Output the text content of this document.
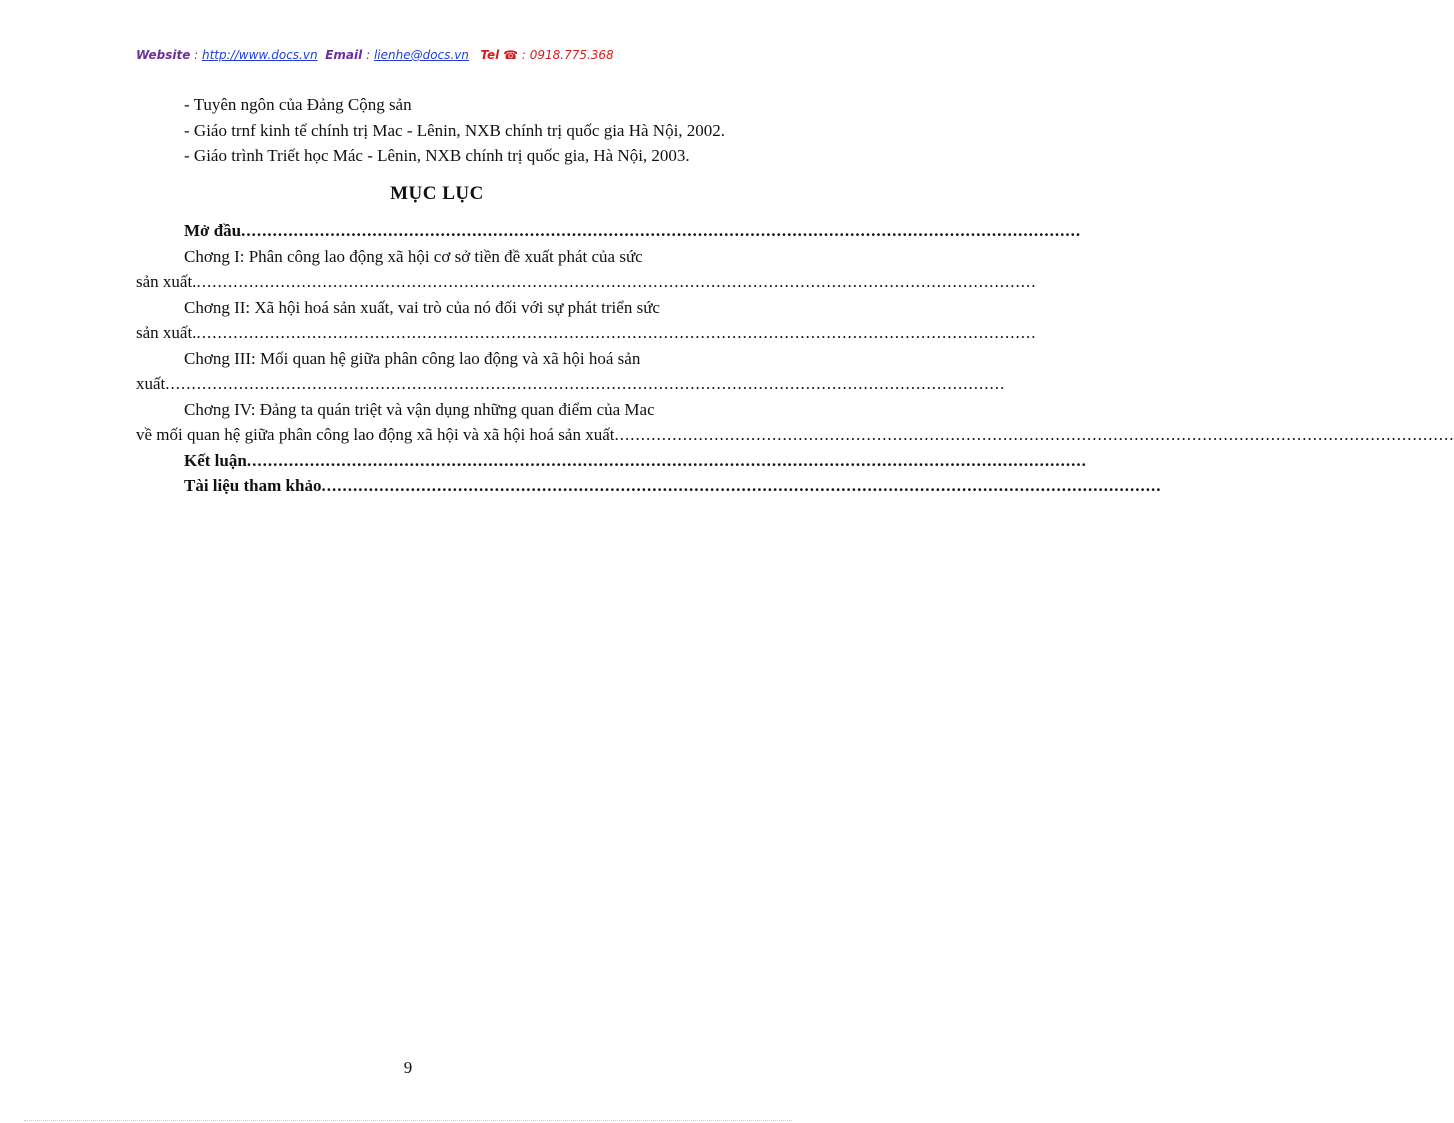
Website : http://www.docs.vn Email : lienhe@docs.vn Tel ☎ : 0918.775.368

- Tuyên ngôn của Đảng Cộng sản

- Giáo trnf kinh tế chính trị Mac - Lênin, NXB chính trị quốc gia Hà Nội, 2002.

- Giáo trình Triết học Mác - Lênin, NXB chính trị quốc gia, Hà Nội, 2003.

MỤC LỤC
Mở đầu ................................................................................................................................................................

Chơng I: Phân công lao động xã hội cơ sở tiền đề xuất phát của sức

sản xuất. ................................................................................................................................................................

Chơng II: Xã hội hoá sản xuất, vai trò của nó đối với sự phát triển sức

sản xuất. ................................................................................................................................................................

Chơng III: Mối quan hệ giữa phân công lao động và xã hội hoá sản

xuất ................................................................................................................................................................

Chơng IV: Đảng ta quán triệt và vận dụng những quan điểm của Mac

về mối quan hệ giữa phân công lao động xã hội và xã hội hoá sản xuất ................................................................................................................................................................
Kết luận ................................................................................................................................................................
Tài liệu tham khảo ................................................................................................................................................................
9
